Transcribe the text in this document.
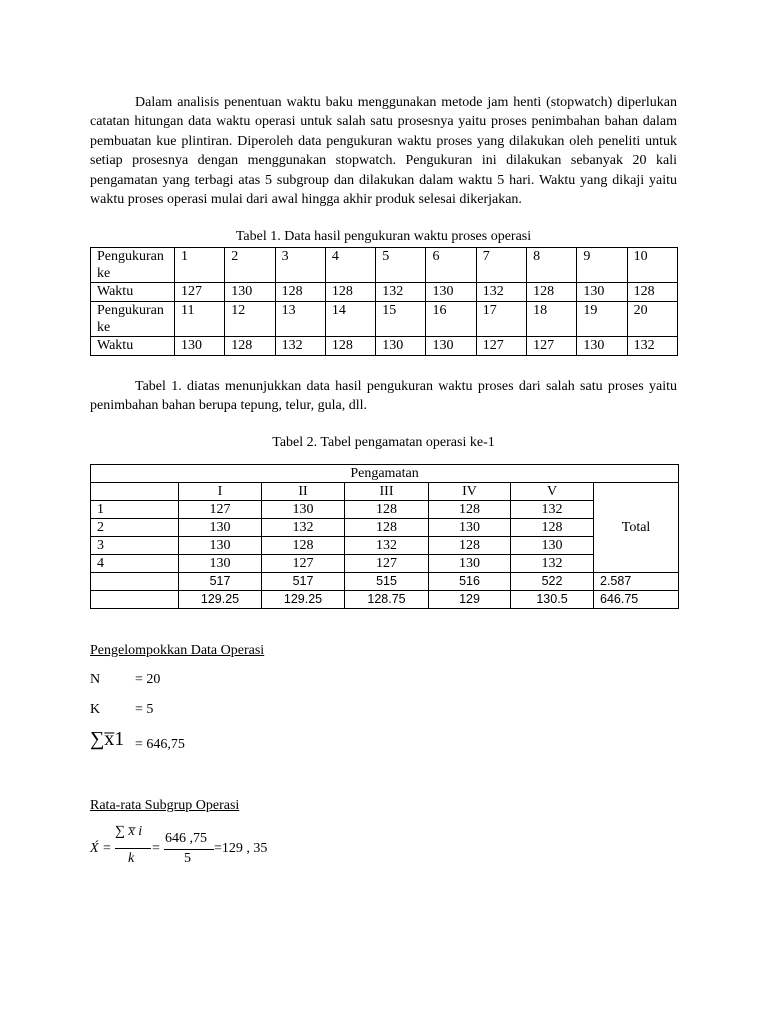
Dalam analisis penentuan waktu baku menggunakan metode jam henti (stopwatch) diperlukan catatan hitungan data waktu operasi untuk salah satu prosesnya yaitu proses penimbahan bahan dalam pembuatan kue plintiran. Diperoleh data pengukuran waktu proses yang dilakukan oleh peneliti untuk setiap prosesnya dengan menggunakan stopwatch. Pengukuran ini dilakukan sebanyak 20 kali pengamatan yang terbagi atas 5 subgroup dan dilakukan dalam waktu 5 hari. Waktu yang dikaji yaitu waktu proses operasi mulai dari awal hingga akhir produk selesai dikerjakan.

Tabel 1. Data hasil pengukuran waktu proses operasi
Pengukuran ke	1	2	3	4	5	6	7	8	9	10
Waktu	127	130	128	128	132	130	132	128	130	128
Pengukuran ke	11	12	13	14	15	16	17	18	19	20
Waktu	130	128	132	128	130	130	127	127	130	132

Tabel 1. diatas menunjukkan data hasil pengukuran waktu proses dari salah satu proses yaitu penimbahan bahan berupa tepung, telur, gula, dll.

Tabel 2. Tabel pengamatan operasi ke-1
Pengamatan						
	I	II	III	IV	V	Total
1	127	130	128	128	132	
2	130	132	128	130	128	
3	130	128	132	128	130	
4	130	127	127	130	132	
	517	517	515	516	522	2.587
	129.25	129.25	128.75	129	130.5	646.75
Pengelompokkan Data Operasi
N = 20
K = 5
∑x̅1 = 646,75
Rata-rata Subgrup Operasi
X́ =
∑ x̅ i
k
=
646 ,75
5
=129 , 35
